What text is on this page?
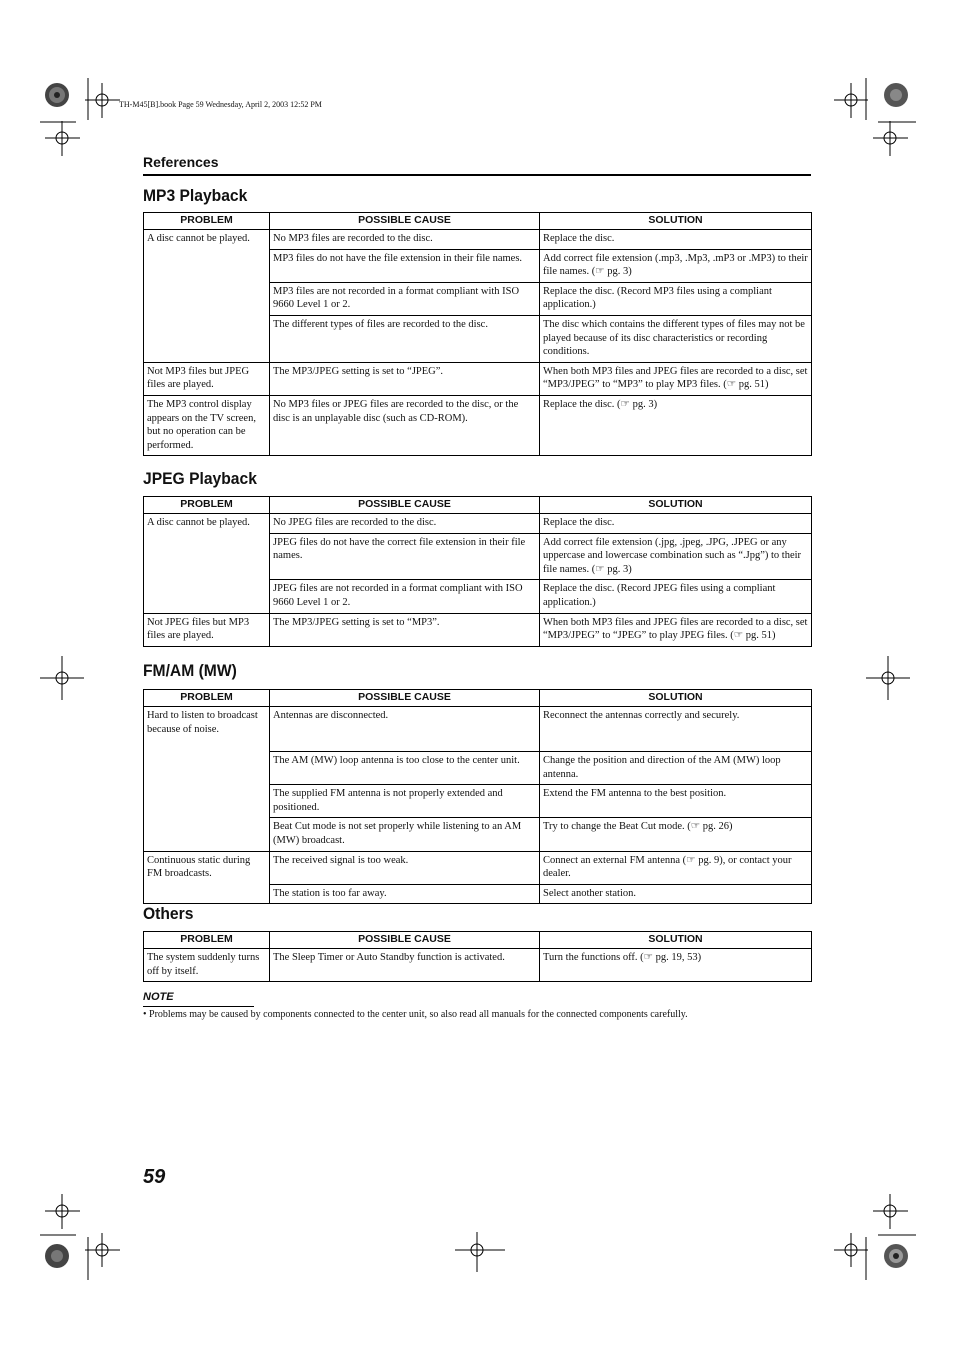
TH-M45[B].book Page 59 Wednesday, April 2, 2003 12:52 PM
References
MP3 Playback
PROBLEM	POSSIBLE CAUSE	SOLUTION
A disc cannot be played.	No MP3 files are recorded to the disc.	Replace the disc.
	MP3 files do not have the file extension in their file names.	Add correct file extension (.mp3, .Mp3, .mP3 or .MP3) to their file names. (☞ pg. 3)
	MP3 files are not recorded in a format compliant with ISO 9660 Level 1 or 2.	Replace the disc. (Record MP3 files using a compliant application.)
	The different types of files are recorded to the disc.	The disc which contains the different types of files may not be played because of its disc characteristics or recording conditions.
Not MP3 files but JPEG files are played.	The MP3/JPEG setting is set to “JPEG”.	When both MP3 files and JPEG files are recorded to a disc, set “MP3/JPEG” to “MP3” to play MP3 files. (☞ pg. 51)
The MP3 control display appears on the TV screen, but no operation can be performed.	No MP3 files or JPEG files are recorded to the disc, or the disc is an unplayable disc (such as CD-ROM).	Replace the disc. (☞ pg. 3)
JPEG Playback
PROBLEM	POSSIBLE CAUSE	SOLUTION
A disc cannot be played.	No JPEG files are recorded to the disc.	Replace the disc.
	JPEG files do not have the correct file extension in their file names.	Add correct file extension (.jpg, .jpeg, .JPG, .JPEG or any uppercase and lowercase combination such as “.Jpg”) to their file names. (☞ pg. 3)
	JPEG files are not recorded in a format compliant with ISO 9660 Level 1 or 2.	Replace the disc. (Record JPEG files using a compliant application.)
Not JPEG files but MP3 files are played.	The MP3/JPEG setting is set to “MP3”.	When both MP3 files and JPEG files are recorded to a disc, set “MP3/JPEG” to “JPEG” to play JPEG files. (☞ pg. 51)
FM/AM (MW)
PROBLEM	POSSIBLE CAUSE	SOLUTION
Hard to listen to broadcast because of noise.	Antennas are disconnected.	Reconnect the antennas correctly and securely.
	The AM (MW) loop antenna is too close to the center unit.	Change the position and direction of the AM (MW) loop antenna.
	The supplied FM antenna is not properly extended and positioned.	Extend the FM antenna to the best position.
	Beat Cut mode is not set properly while listening to an AM (MW) broadcast.	Try to change the Beat Cut mode. (☞ pg. 26)
Continuous static during FM broadcasts.	The received signal is too weak.	Connect an external FM antenna (☞ pg. 9), or contact your dealer.
	The station is too far away.	Select another station.
Others
PROBLEM	POSSIBLE CAUSE	SOLUTION
The system suddenly turns off by itself.	The Sleep Timer or Auto Standby function is activated.	Turn the functions off. (☞ pg. 19, 53)
NOTE
• Problems may be caused by components connected to the center unit, so also read all manuals for the connected components carefully.
59
